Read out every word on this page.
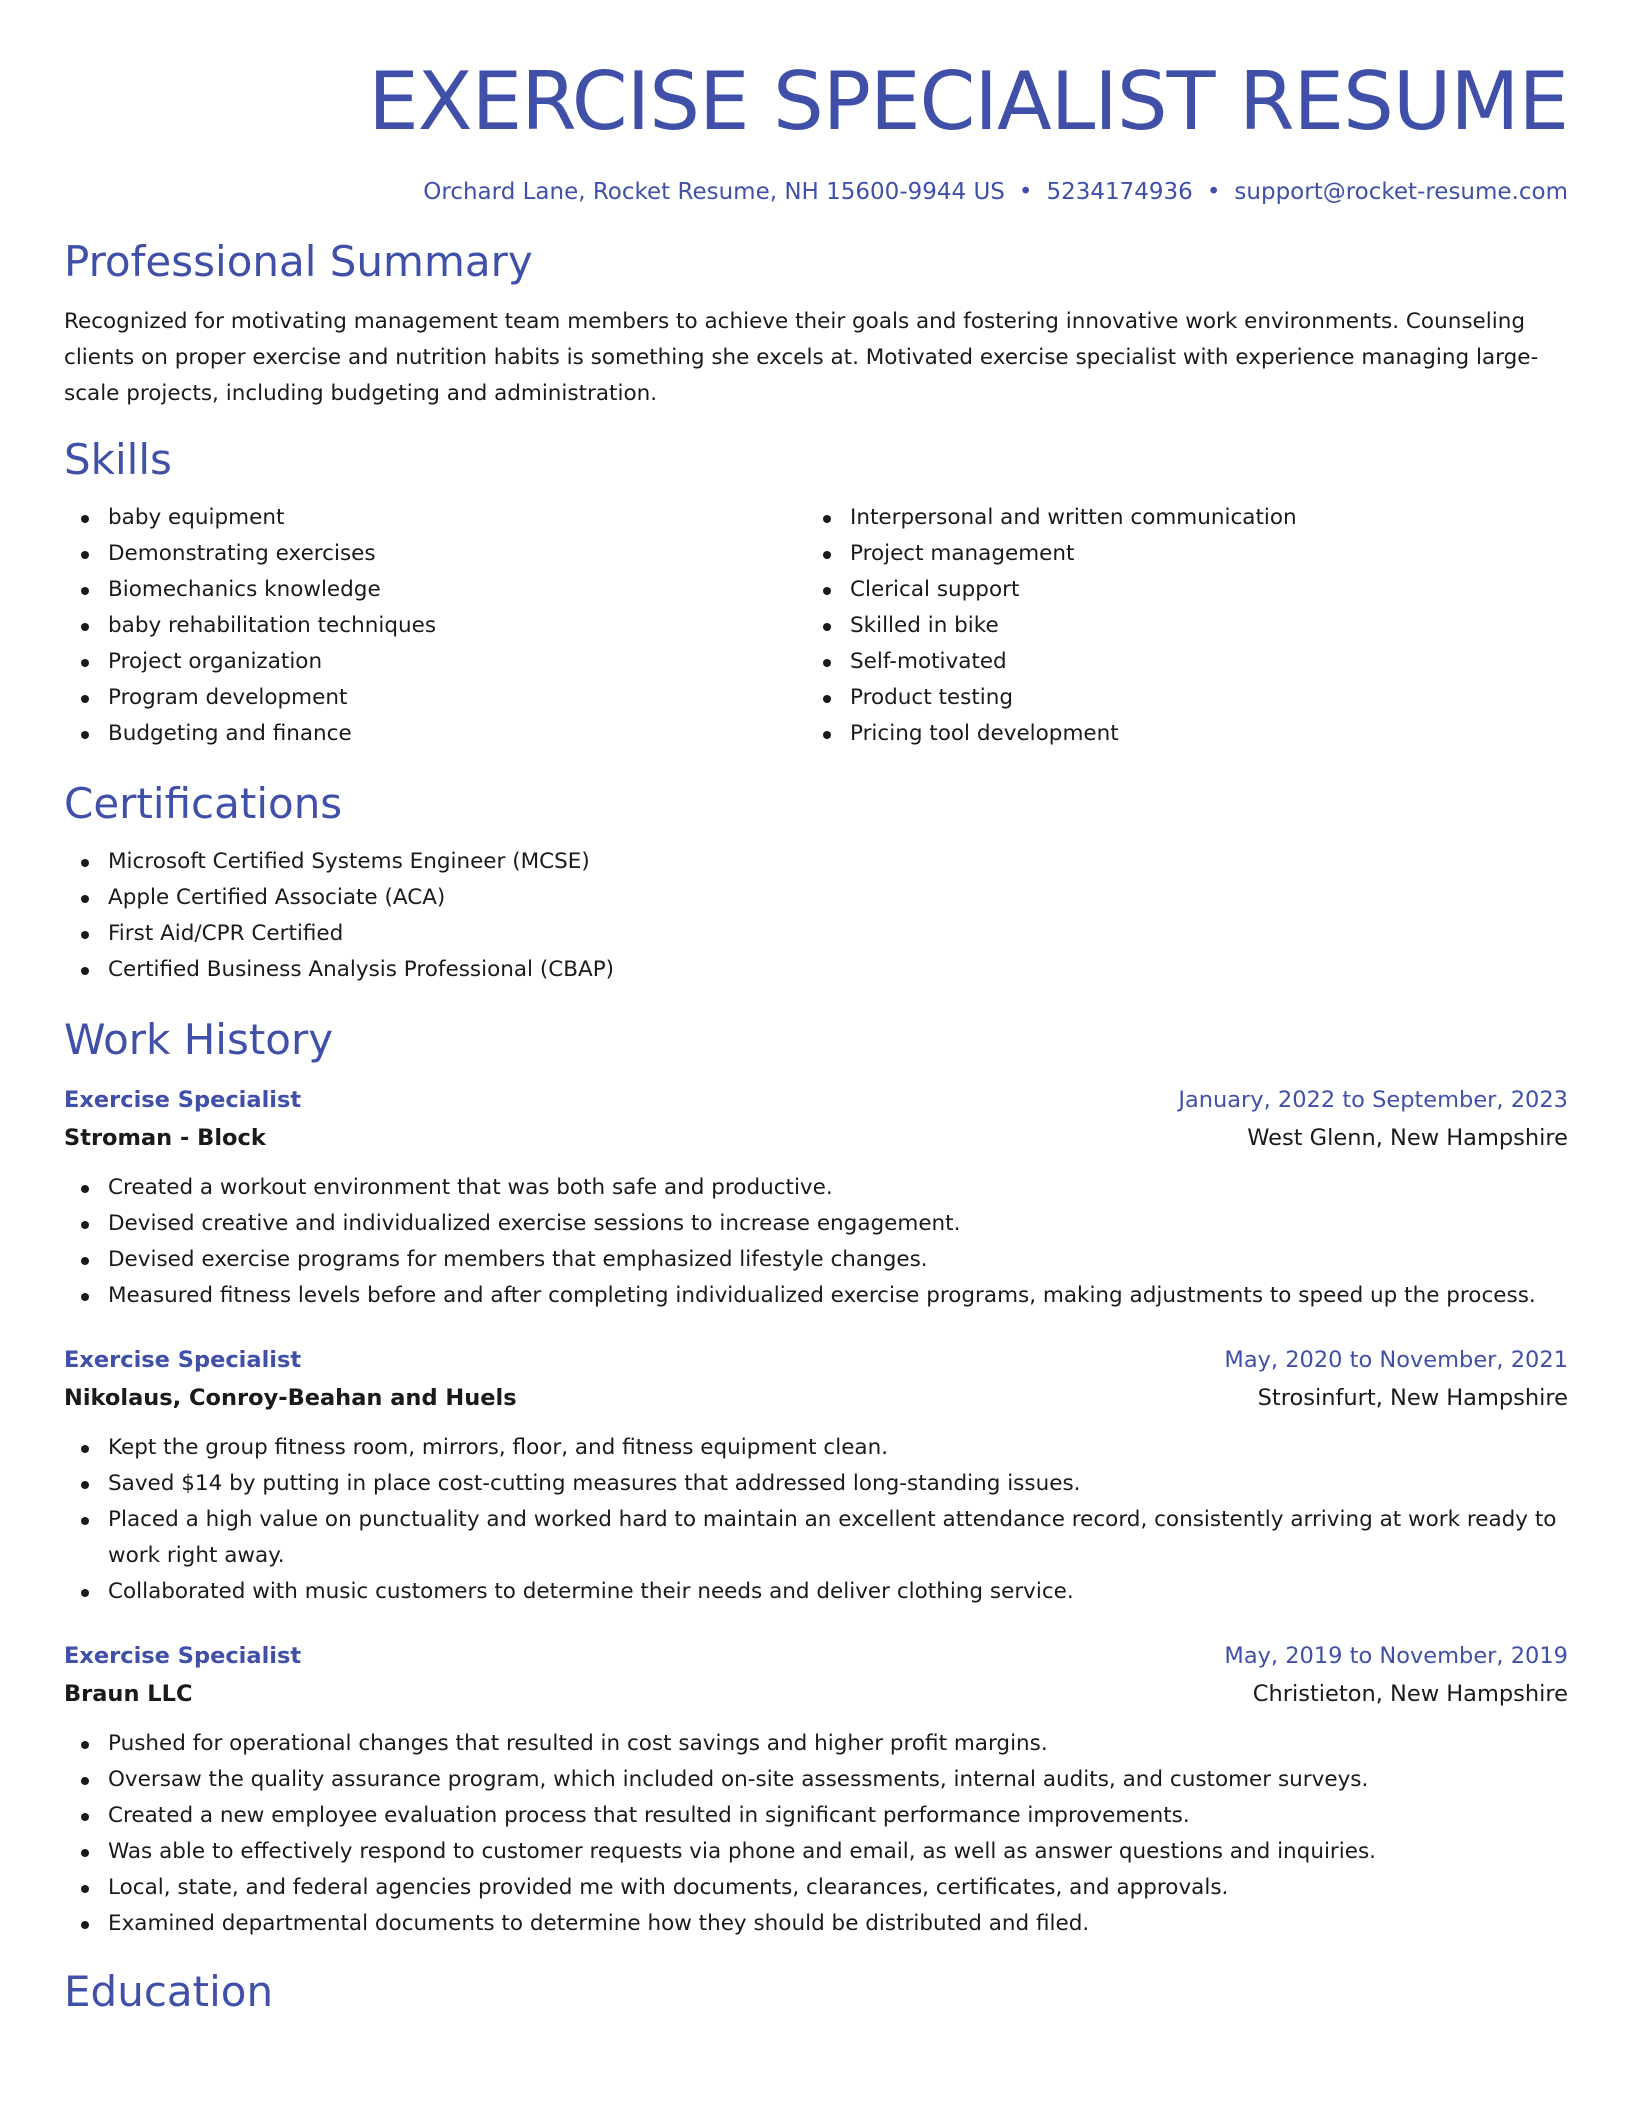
EXERCISE SPECIALIST RESUME
Orchard Lane, Rocket Resume, NH 15600-9944 US • 5234174936 • support@rocket-resume.com
Professional Summary

Recognized for motivating management team members to achieve their goals and fostering innovative work environments. Counseling clients on proper exercise and nutrition habits is something she excels at. Motivated exercise specialist with experience managing large-scale projects, including budgeting and administration.

Skills
baby equipment
Demonstrating exercises
Biomechanics knowledge
baby rehabilitation techniques
Project organization
Program development
Budgeting and finance
Interpersonal and written communication
Project management
Clerical support
Skilled in bike
Self-motivated
Product testing
Pricing tool development
Certifications
Microsoft Certified Systems Engineer (MCSE)
Apple Certified Associate (ACA)
First Aid/CPR Certified
Certified Business Analysis Professional (CBAP)
Work History
Exercise Specialist	January, 2022 to September, 2023
Stroman - Block	West Glenn, New Hampshire
Created a workout environment that was both safe and productive.
Devised creative and individualized exercise sessions to increase engagement.
Devised exercise programs for members that emphasized lifestyle changes.
Measured fitness levels before and after completing individualized exercise programs, making adjustments to speed up the process.
Exercise Specialist	May, 2020 to November, 2021
Nikolaus, Conroy-Beahan and Huels	Strosinfurt, New Hampshire
Kept the group fitness room, mirrors, floor, and fitness equipment clean.
Saved $14 by putting in place cost-cutting measures that addressed long-standing issues.
Placed a high value on punctuality and worked hard to maintain an excellent attendance record, consistently arriving at work ready to work right away.
Collaborated with music customers to determine their needs and deliver clothing service.
Exercise Specialist	May, 2019 to November, 2019
Braun LLC	Christieton, New Hampshire
Pushed for operational changes that resulted in cost savings and higher profit margins.
Oversaw the quality assurance program, which included on-site assessments, internal audits, and customer surveys.
Created a new employee evaluation process that resulted in significant performance improvements.
Was able to effectively respond to customer requests via phone and email, as well as answer questions and inquiries.
Local, state, and federal agencies provided me with documents, clearances, certificates, and approvals.
Examined departmental documents to determine how they should be distributed and filed.
Education
